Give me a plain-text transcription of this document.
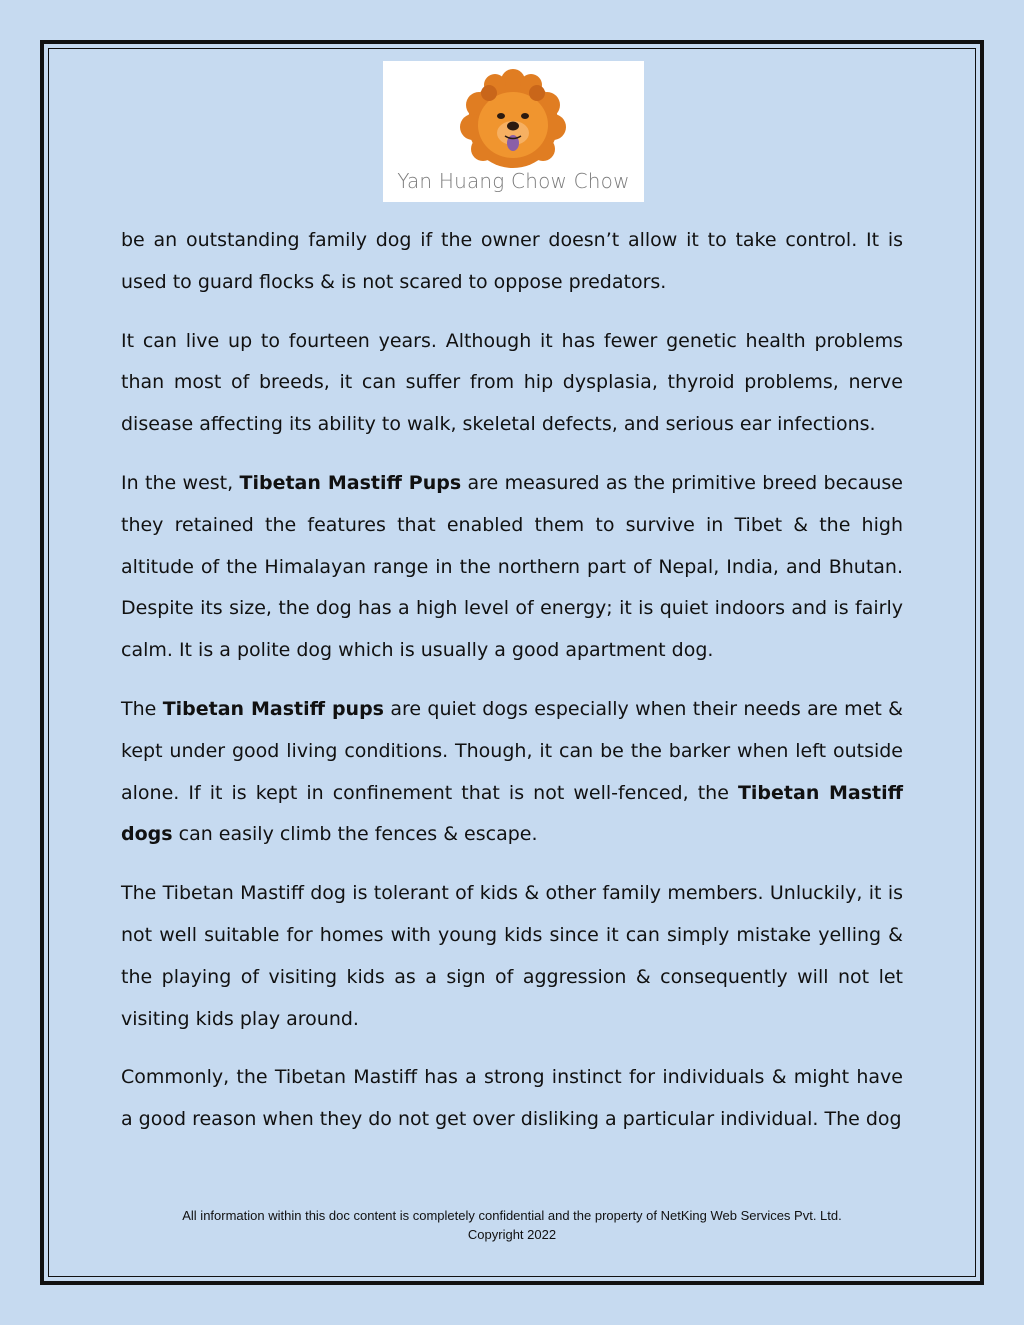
Yan Huang Chow Chow

be an outstanding family dog if the owner doesn’t allow it to take control. It is used to guard flocks & is not scared to oppose predators.

It can live up to fourteen years. Although it has fewer genetic health problems than most of breeds, it can suffer from hip dysplasia, thyroid problems, nerve disease affecting its ability to walk, skeletal defects, and serious ear infections.

In the west, Tibetan Mastiff Pups are measured as the primitive breed because they retained the features that enabled them to survive in Tibet & the high altitude of the Himalayan range in the northern part of Nepal, India, and Bhutan. Despite its size, the dog has a high level of energy; it is quiet indoors and is fairly calm. It is a polite dog which is usually a good apartment dog.

The Tibetan Mastiff pups are quiet dogs especially when their needs are met & kept under good living conditions. Though, it can be the barker when left outside alone. If it is kept in confinement that is not well-fenced, the Tibetan Mastiff dogs can easily climb the fences & escape.

The Tibetan Mastiff dog is tolerant of kids & other family members. Unluckily, it is not well suitable for homes with young kids since it can simply mistake yelling & the playing of visiting kids as a sign of aggression & consequently will not let visiting kids play around.

Commonly, the Tibetan Mastiff has a strong instinct for individuals & might have a good reason when they do not get over disliking a particular individual. The dog

All information within this doc content is completely confidential and the property of NetKing Web Services Pvt. Ltd.
Copyright 2022
